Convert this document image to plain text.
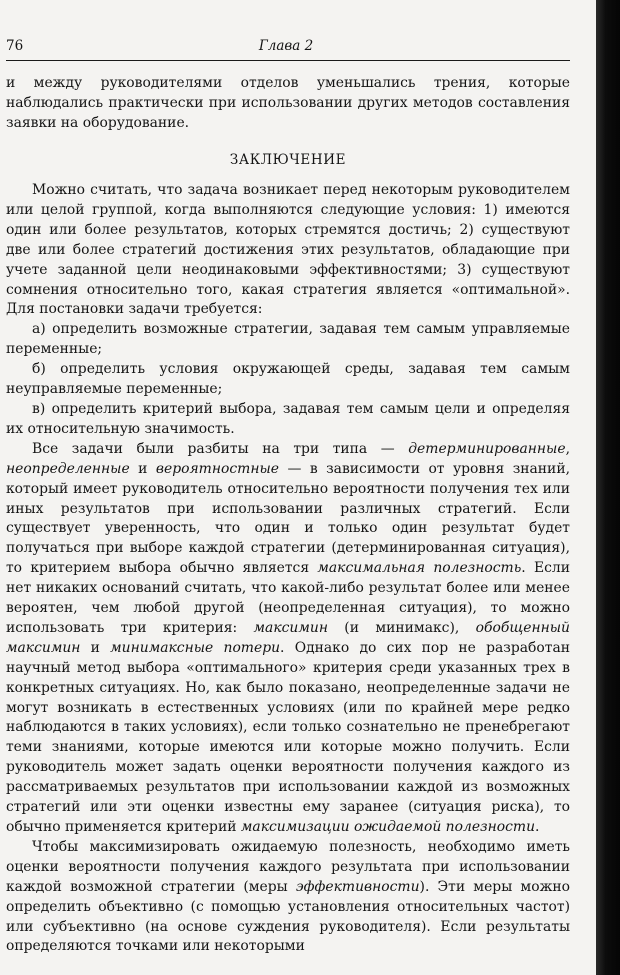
76	Глава 2

и между руководителями отделов уменьшались трения, которые наблюдались практически при использовании других методов составления заявки на оборудование.

ЗАКЛЮЧЕНИЕ

Можно считать, что задача возникает перед некоторым руководителем или целой группой, когда выполняются следующие условия: 1) имеются один или более результатов, которых стремятся достичь; 2) существуют две или более стратегий достижения этих результатов, обладающие при учете заданной цели неодинаковыми эффективностями; 3) существуют сомнения относительно того, какая стратегия является «оптимальной». Для постановки задачи требуется:

а) определить возможные стратегии, задавая тем самым управляемые переменные;

б) определить условия окружающей среды, задавая тем самым неуправляемые переменные;

в) определить критерий выбора, задавая тем самым цели и определяя их относительную значимость.

Все задачи были разбиты на три типа — детерминированные, неопределенные и вероятностные — в зависимости от уровня знаний, который имеет руководитель относительно вероятности получения тех или иных результатов при использовании различных стратегий. Если существует уверенность, что один и только один результат будет получаться при выборе каждой стратегии (детерминированная ситуация), то критерием выбора обычно является максимальная полезность. Если нет никаких оснований считать, что какой-либо результат более или менее вероятен, чем любой другой (неопределенная ситуация), то можно использовать три критерия: максимин (и минимакс), обобщенный максимин и минимаксные потери. Однако до сих пор не разработан научный метод выбора «оптимального» критерия среди указанных трех в конкретных ситуациях. Но, как было показано, неопределенные задачи не могут возникать в естественных условиях (или по крайней мере редко наблюдаются в таких условиях), если только сознательно не пренебрегают теми знаниями, которые имеются или которые можно получить. Если руководитель может задать оценки вероятности получения каждого из рассматриваемых результатов при использовании каждой из возможных стратегий или эти оценки известны ему заранее (ситуация риска), то обычно применяется критерий максимизации ожидаемой полезности.

Чтобы максимизировать ожидаемую полезность, необходимо иметь оценки вероятности получения каждого результата при использовании каждой возможной стратегии (меры эффективности). Эти меры можно определить объективно (с помощью установления относительных частот) или субъективно (на основе суждения руководителя). Если результаты определяются точками или некоторыми
